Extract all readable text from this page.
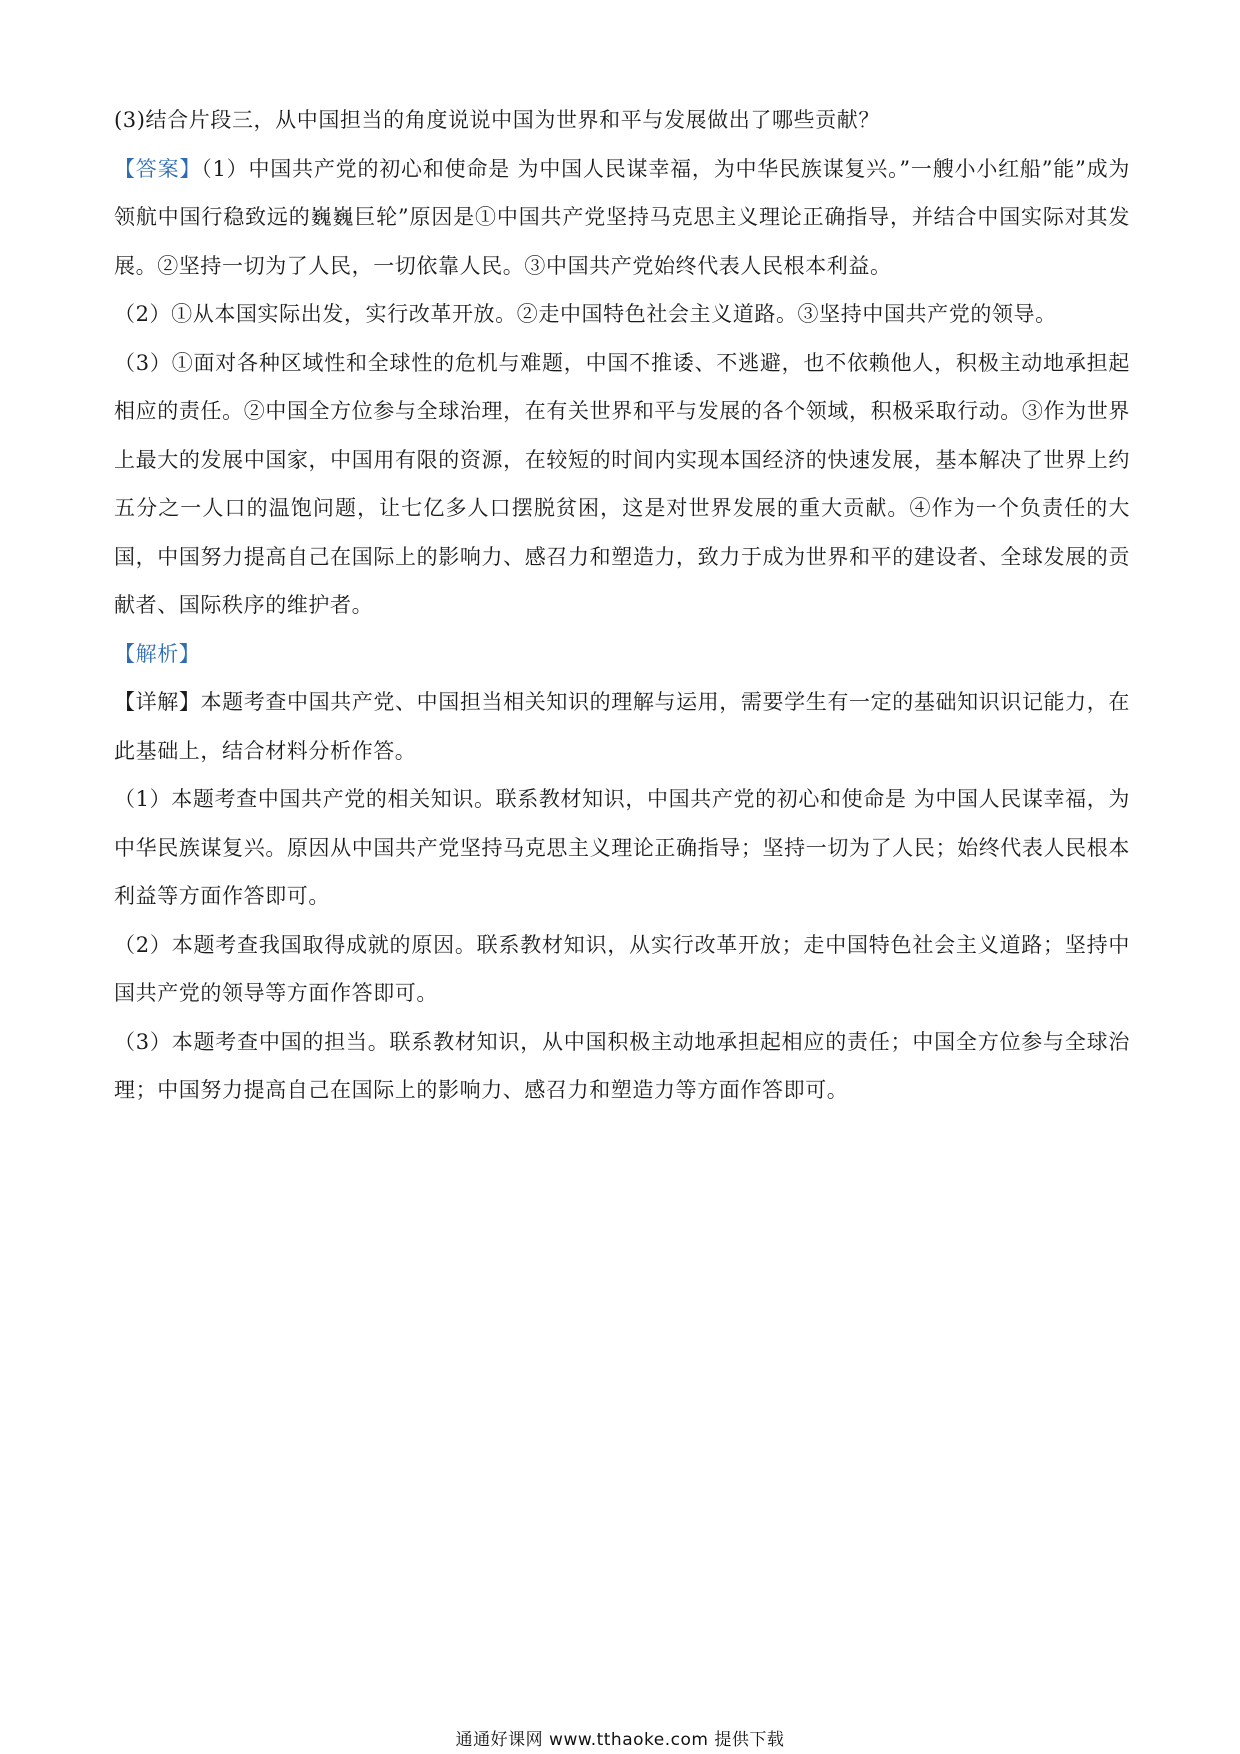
(3)结合片段三，从中国担当的角度说说中国为世界和平与发展做出了哪些贡献？

【答案】（1）中国共产党的初心和使命是 为中国人民谋幸福，为中华民族谋复兴。”一艘小小红船”能”成为领航中国行稳致远的巍巍巨轮”原因是①中国共产党坚持马克思主义理论正确指导，并结合中国实际对其发展。②坚持一切为了人民，一切依靠人民。③中国共产党始终代表人民根本利益。

（2）①从本国实际出发，实行改革开放。②走中国特色社会主义道路。③坚持中国共产党的领导。

（3）①面对各种区域性和全球性的危机与难题，中国不推诿、不逃避，也不依赖他人，积极主动地承担起相应的责任。②中国全方位参与全球治理，在有关世界和平与发展的各个领域，积极采取行动。③作为世界上最大的发展中国家，中国用有限的资源，在较短的时间内实现本国经济的快速发展，基本解决了世界上约五分之一人口的温饱问题，让七亿多人口摆脱贫困，这是对世界发展的重大贡献。④作为一个负责任的大国，中国努力提高自己在国际上的影响力、感召力和塑造力，致力于成为世界和平的建设者、全球发展的贡献者、国际秩序的维护者。

【解析】

【详解】本题考查中国共产党、中国担当相关知识的理解与运用，需要学生有一定的基础知识识记能力，在此基础上，结合材料分析作答。

（1）本题考查中国共产党的相关知识。联系教材知识，中国共产党的初心和使命是 为中国人民谋幸福，为中华民族谋复兴。原因从中国共产党坚持马克思主义理论正确指导；坚持一切为了人民；始终代表人民根本利益等方面作答即可。

（2）本题考查我国取得成就的原因。联系教材知识，从实行改革开放；走中国特色社会主义道路；坚持中国共产党的领导等方面作答即可。

（3）本题考查中国的担当。联系教材知识，从中国积极主动地承担起相应的责任；中国全方位参与全球治理；中国努力提高自己在国际上的影响力、感召力和塑造力等方面作答即可。

通通好课网 www.tthaoke.com 提供下载
